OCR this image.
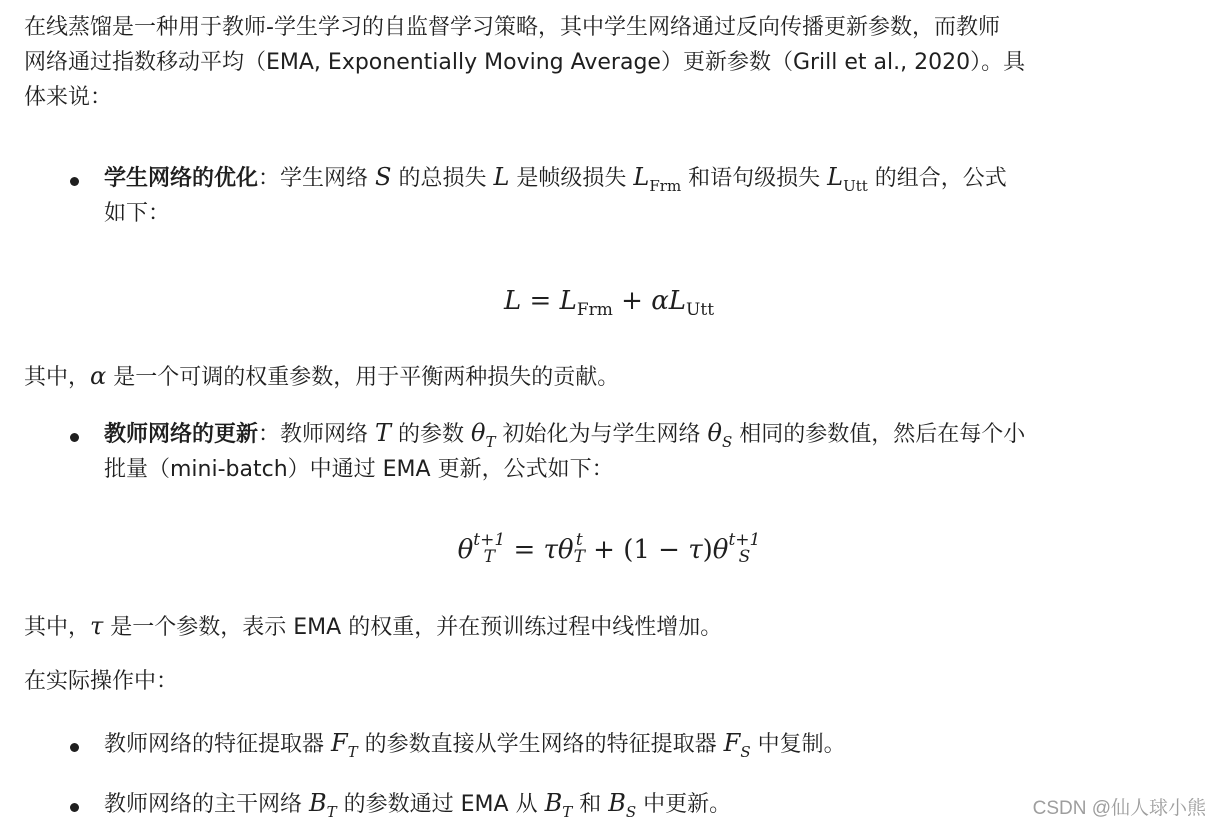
在线蒸馏是一种用于教师-学生学习的自监督学习策略，其中学生网络通过反向传播更新参数，而教师
网络通过指数移动平均（EMA, Exponentially Moving Average）更新参数（Grill et al., 2020）。具
体来说：

学生网络的优化：学生网络 S 的总损失 L 是帧级损失 $L_{Frm}$ 和语句级损失 $L_{Utt}$ 的组合，公式
如下：

$L = L_{Frm} + \alpha L_{Utt}$

其中，α 是一个可调的权重参数，用于平衡两种损失的贡献。

教师网络的更新：教师网络 T 的参数 $\theta_T$ 初始化为与学生网络 $\theta_S$ 相同的参数值，然后在每个小
批量（mini-batch）中通过 EMA 更新，公式如下：

θ t+1
T = τθ t
T + (1 − τ)θ t+1
S

其中，τ 是一个参数，表示 EMA 的权重，并在预训练过程中线性增加。

在实际操作中：

教师网络的特征提取器 $F_T$ 的参数直接从学生网络的特征提取器 $F_S$ 中复制。

教师网络的主干网络 $B_T$ 的参数通过 EMA 从 $B_T$ 和 $B_S$ 中更新。	CSDN @仙人球小熊
